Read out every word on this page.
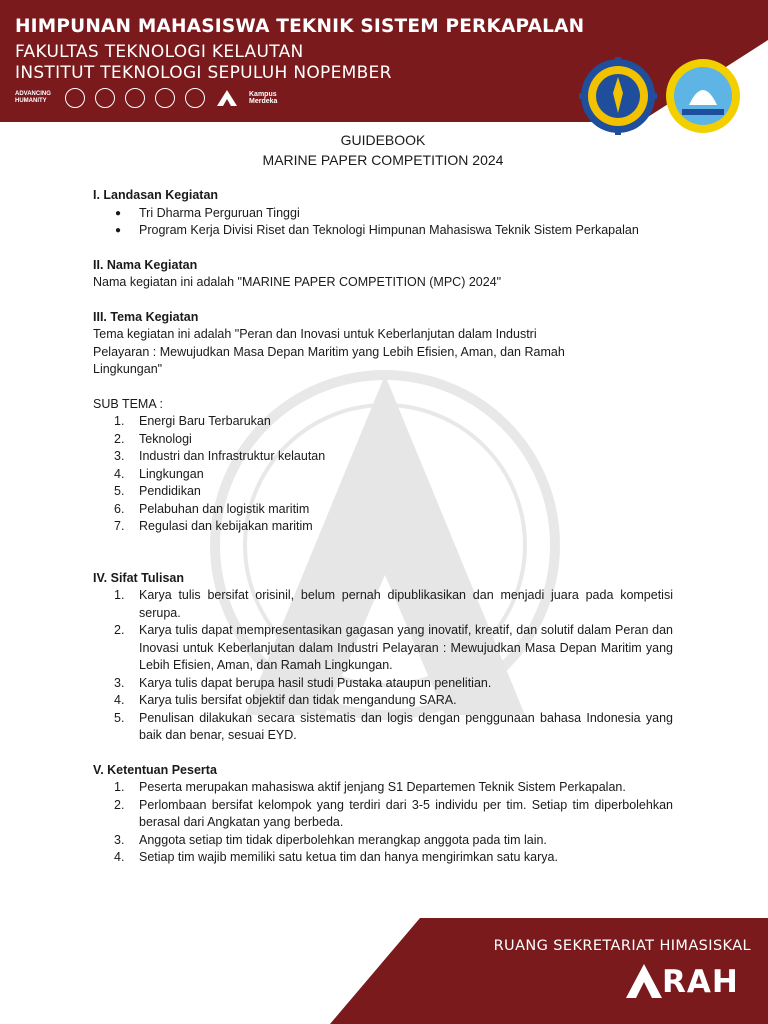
HIMPUNAN MAHASISWA TEKNIK SISTEM PERKAPALAN
FAKULTAS TEKNOLOGI KELAUTAN
INSTITUT TEKNOLOGI SEPULUH NOPEMBER
ADVANCING HUMANITY
Kampus Merdeka
GUIDEBOOK
MARINE PAPER COMPETITION 2024
I. Landasan Kegiatan
● Tri Dharma Perguruan Tinggi
● Program Kerja Divisi Riset dan Teknologi Himpunan Mahasiswa Teknik Sistem Perkapalan
II. Nama Kegiatan

Nama kegiatan ini adalah "MARINE PAPER COMPETITION (MPC) 2024"

III. Tema Kegiatan

Tema kegiatan ini adalah "Peran dan Inovasi untuk Keberlanjutan dalam Industri Pelayaran : Mewujudkan Masa Depan Maritim yang Lebih Efisien, Aman, dan Ramah Lingkungan"

SUB TEMA :

1. Energi Baru Terbarukan
2. Teknologi
3. Industri dan Infrastruktur kelautan
4. Lingkungan
5. Pendidikan
6. Pelabuhan dan logistik maritim
7. Regulasi dan kebijakan maritim
IV. Sifat Tulisan
1. Karya tulis bersifat orisinil, belum pernah dipublikasikan dan menjadi juara pada kompetisi serupa.
2. Karya tulis dapat mempresentasikan gagasan yang inovatif, kreatif, dan solutif dalam Peran dan Inovasi untuk Keberlanjutan dalam Industri Pelayaran : Mewujudkan Masa Depan Maritim yang Lebih Efisien, Aman, dan Ramah Lingkungan.
3. Karya tulis dapat berupa hasil studi Pustaka ataupun penelitian.
4. Karya tulis bersifat objektif dan tidak mengandung SARA.
5. Penulisan dilakukan secara sistematis dan logis dengan penggunaan bahasa Indonesia yang baik dan benar, sesuai EYD.
V. Ketentuan Peserta
1. Peserta merupakan mahasiswa aktif jenjang S1 Departemen Teknik Sistem Perkapalan.
2. Perlombaan bersifat kelompok yang terdiri dari 3-5 individu per tim. Setiap tim diperbolehkan berasal dari Angkatan yang berbeda.
3. Anggota setiap tim tidak diperbolehkan merangkap anggota pada tim lain.
4. Setiap tim wajib memiliki satu ketua tim dan hanya mengirimkan satu karya.
RUANG SEKRETARIAT HIMASISKAL
RAH
